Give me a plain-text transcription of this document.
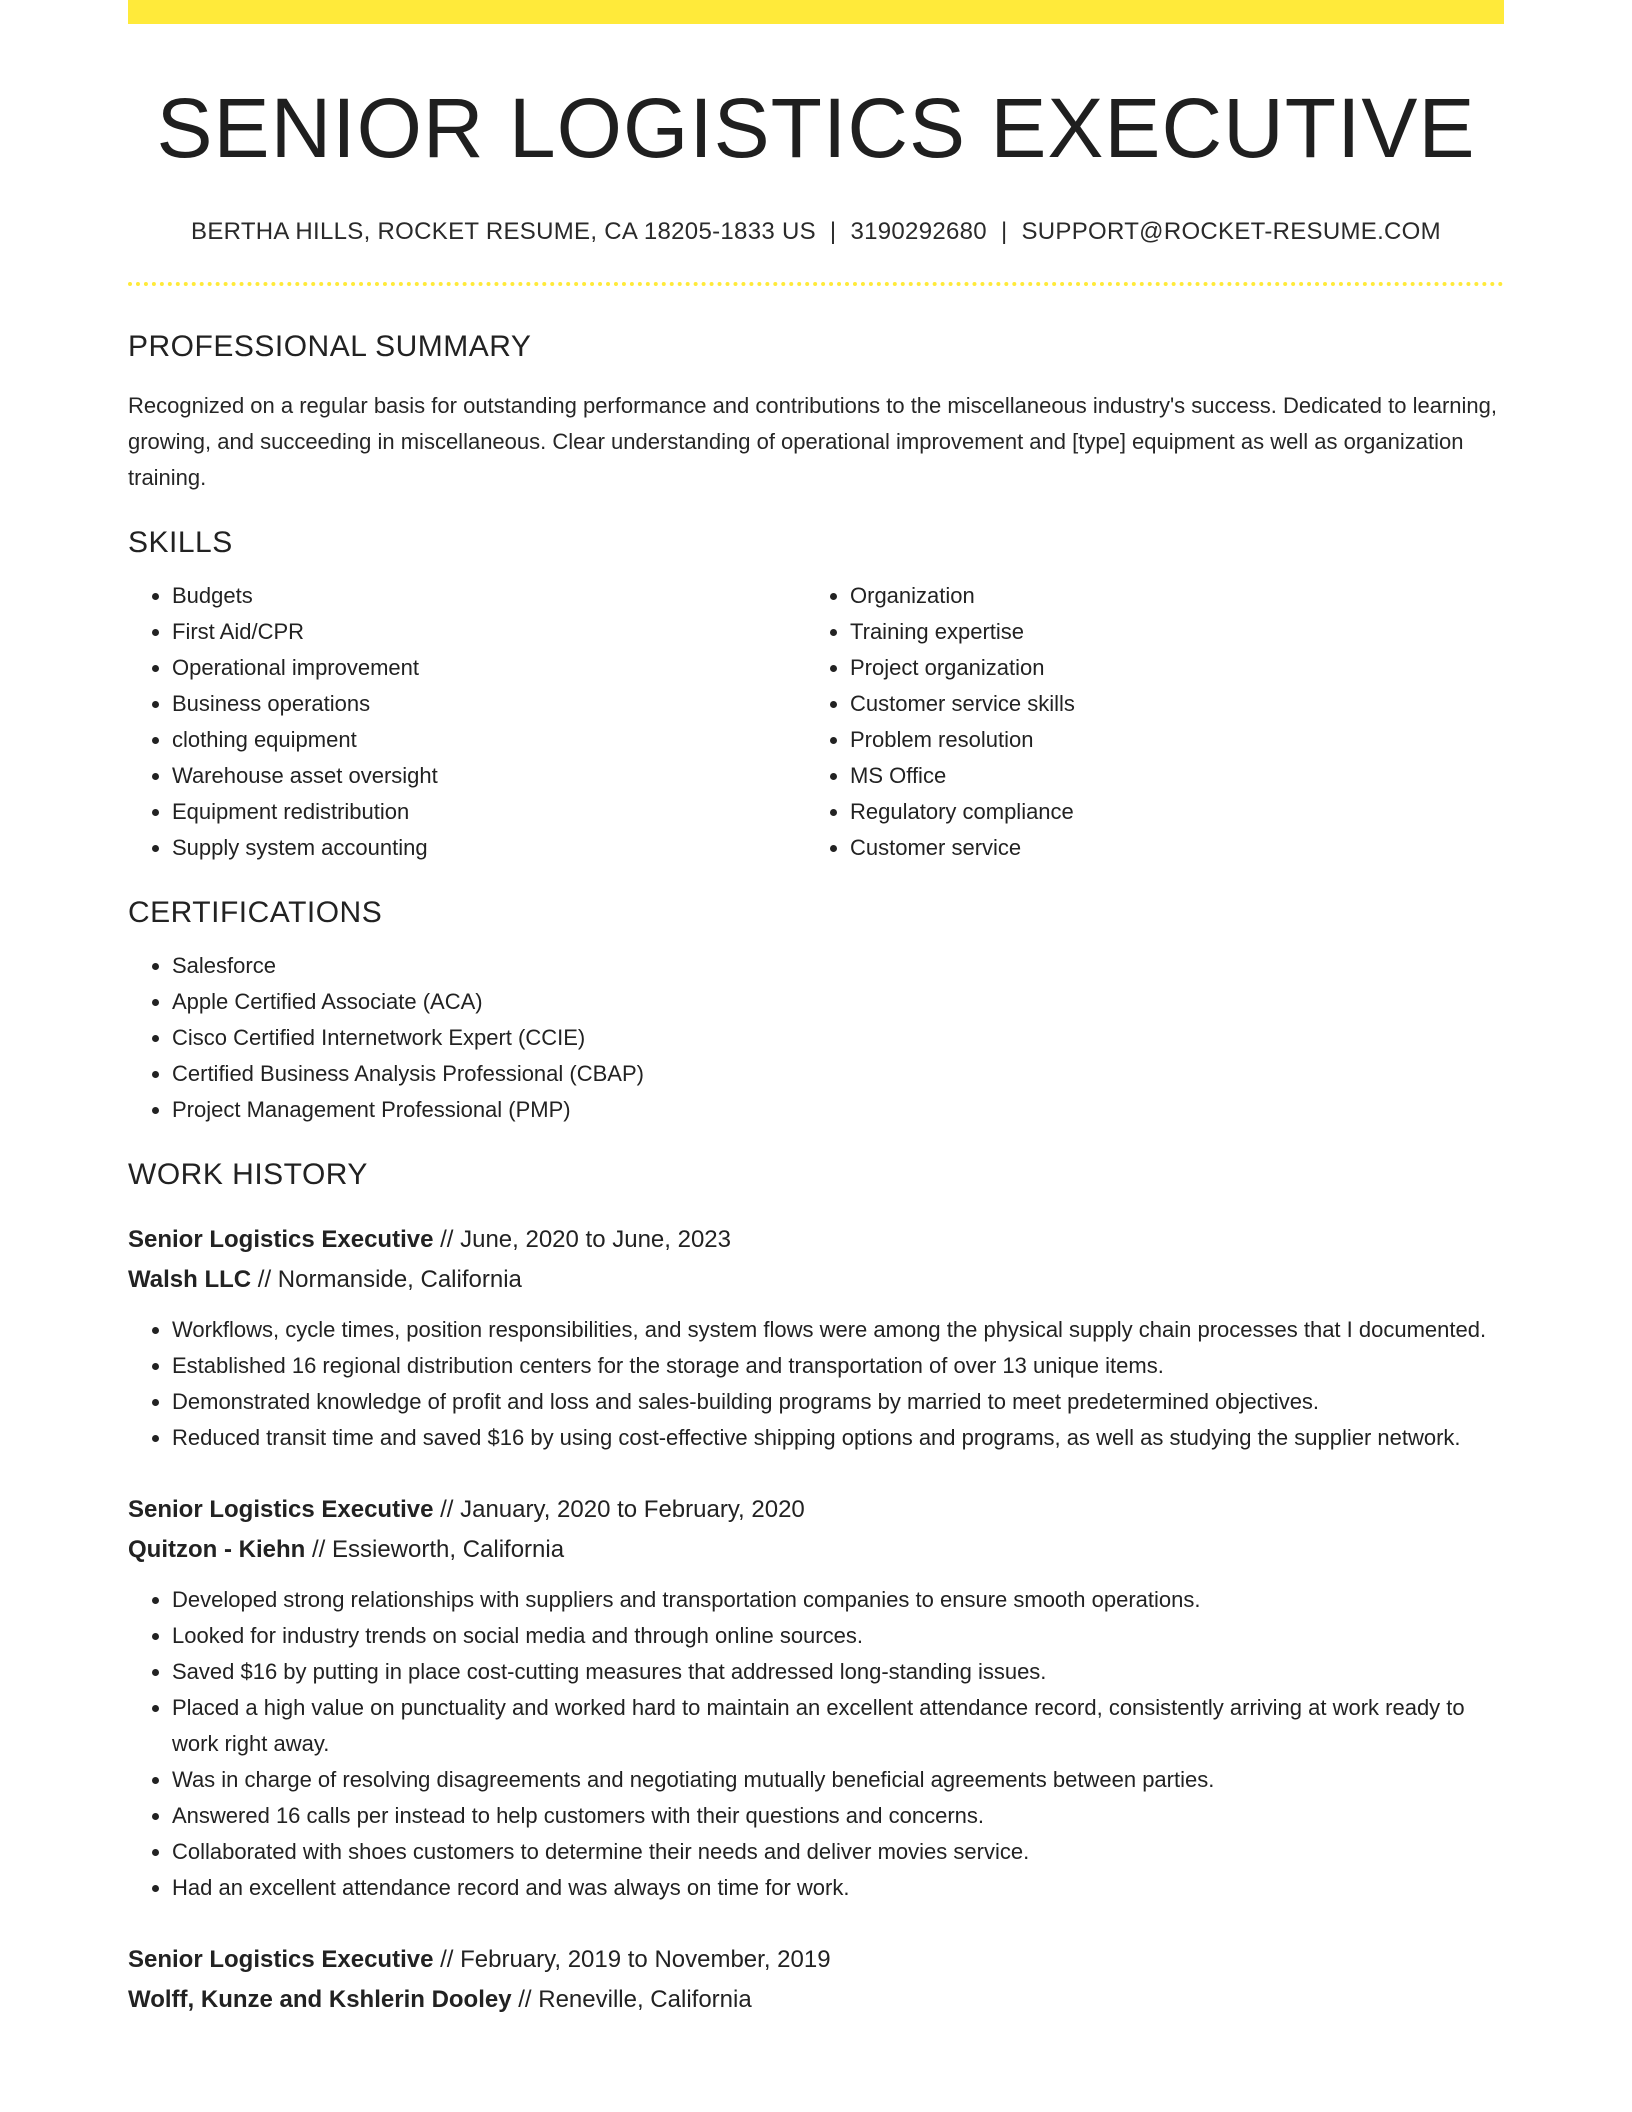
SENIOR LOGISTICS EXECUTIVE
BERTHA HILLS, ROCKET RESUME, CA 18205-1833 US | 3190292680 | SUPPORT@ROCKET-RESUME.COM
PROFESSIONAL SUMMARY

Recognized on a regular basis for outstanding performance and contributions to the miscellaneous industry's success. Dedicated to learning, growing, and succeeding in miscellaneous. Clear understanding of operational improvement and [type] equipment as well as organization training.

SKILLS
• Budgets
• First Aid/CPR
• Operational improvement
• Business operations
• clothing equipment
• Warehouse asset oversight
• Equipment redistribution
• Supply system accounting
• Organization
• Training expertise
• Project organization
• Customer service skills
• Problem resolution
• MS Office
• Regulatory compliance
• Customer service
CERTIFICATIONS
• Salesforce
• Apple Certified Associate (ACA)
• Cisco Certified Internetwork Expert (CCIE)
• Certified Business Analysis Professional (CBAP)
• Project Management Professional (PMP)
WORK HISTORY
Senior Logistics Executive // June, 2020 to June, 2023
Walsh LLC // Normanside, California
• Workflows, cycle times, position responsibilities, and system flows were among the physical supply chain processes that I documented.
• Established 16 regional distribution centers for the storage and transportation of over 13 unique items.
• Demonstrated knowledge of profit and loss and sales-building programs by married to meet predetermined objectives.
• Reduced transit time and saved $16 by using cost-effective shipping options and programs, as well as studying the supplier network.
Senior Logistics Executive // January, 2020 to February, 2020
Quitzon - Kiehn // Essieworth, California
• Developed strong relationships with suppliers and transportation companies to ensure smooth operations.
• Looked for industry trends on social media and through online sources.
• Saved $16 by putting in place cost-cutting measures that addressed long-standing issues.
• Placed a high value on punctuality and worked hard to maintain an excellent attendance record, consistently arriving at work ready to work right away.
• Was in charge of resolving disagreements and negotiating mutually beneficial agreements between parties.
• Answered 16 calls per instead to help customers with their questions and concerns.
• Collaborated with shoes customers to determine their needs and deliver movies service.
• Had an excellent attendance record and was always on time for work.
Senior Logistics Executive // February, 2019 to November, 2019
Wolff, Kunze and Kshlerin Dooley // Reneville, California
